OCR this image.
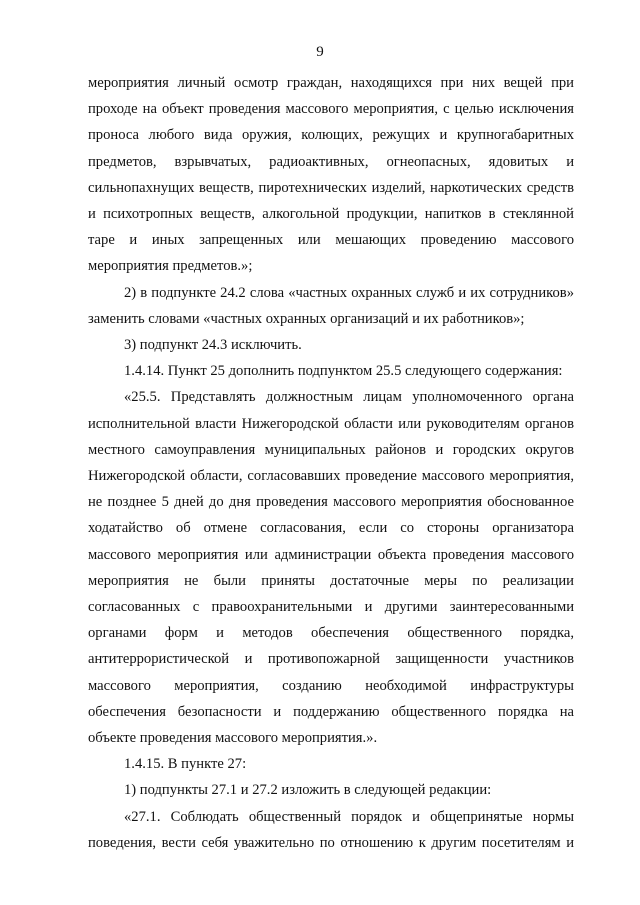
9

мероприятия личный осмотр граждан, находящихся при них вещей при проходе на объект проведения массового мероприятия, с целью исключения проноса любого вида оружия, колющих, режущих и крупногабаритных предметов, взрывчатых, радиоактивных, огнеопасных, ядовитых и сильнопахнущих веществ, пиротехнических изделий, наркотических средств и психотропных веществ, алкогольной продукции, напитков в стеклянной таре и иных запрещенных или мешающих проведению массового мероприятия предметов.»;

2) в подпункте 24.2 слова «частных охранных служб и их сотрудников» заменить словами «частных охранных организаций и их работников»;

3) подпункт 24.3 исключить.

1.4.14. Пункт 25 дополнить подпунктом 25.5 следующего содержания:

«25.5. Представлять должностным лицам уполномоченного органа исполнительной власти Нижегородской области или руководителям органов местного самоуправления муниципальных районов и городских округов Нижегородской области, согласовавших проведение массового мероприятия, не позднее 5 дней до дня проведения массового мероприятия обоснованное ходатайство об отмене согласования, если со стороны организатора массового мероприятия или администрации объекта проведения массового мероприятия не были приняты достаточные меры по реализации согласованных с правоохранительными и другими заинтересованными органами форм и методов обеспечения общественного порядка, антитеррористической и противопожарной защищенности участников массового мероприятия, созданию необходимой инфраструктуры обеспечения безопасности и поддержанию общественного порядка на объекте проведения массового мероприятия.».

1.4.15. В пункте 27:

1) подпункты 27.1 и 27.2 изложить в следующей редакции:

«27.1. Соблюдать общественный порядок и общепринятые нормы поведения, вести себя уважительно по отношению к другим посетителям и
